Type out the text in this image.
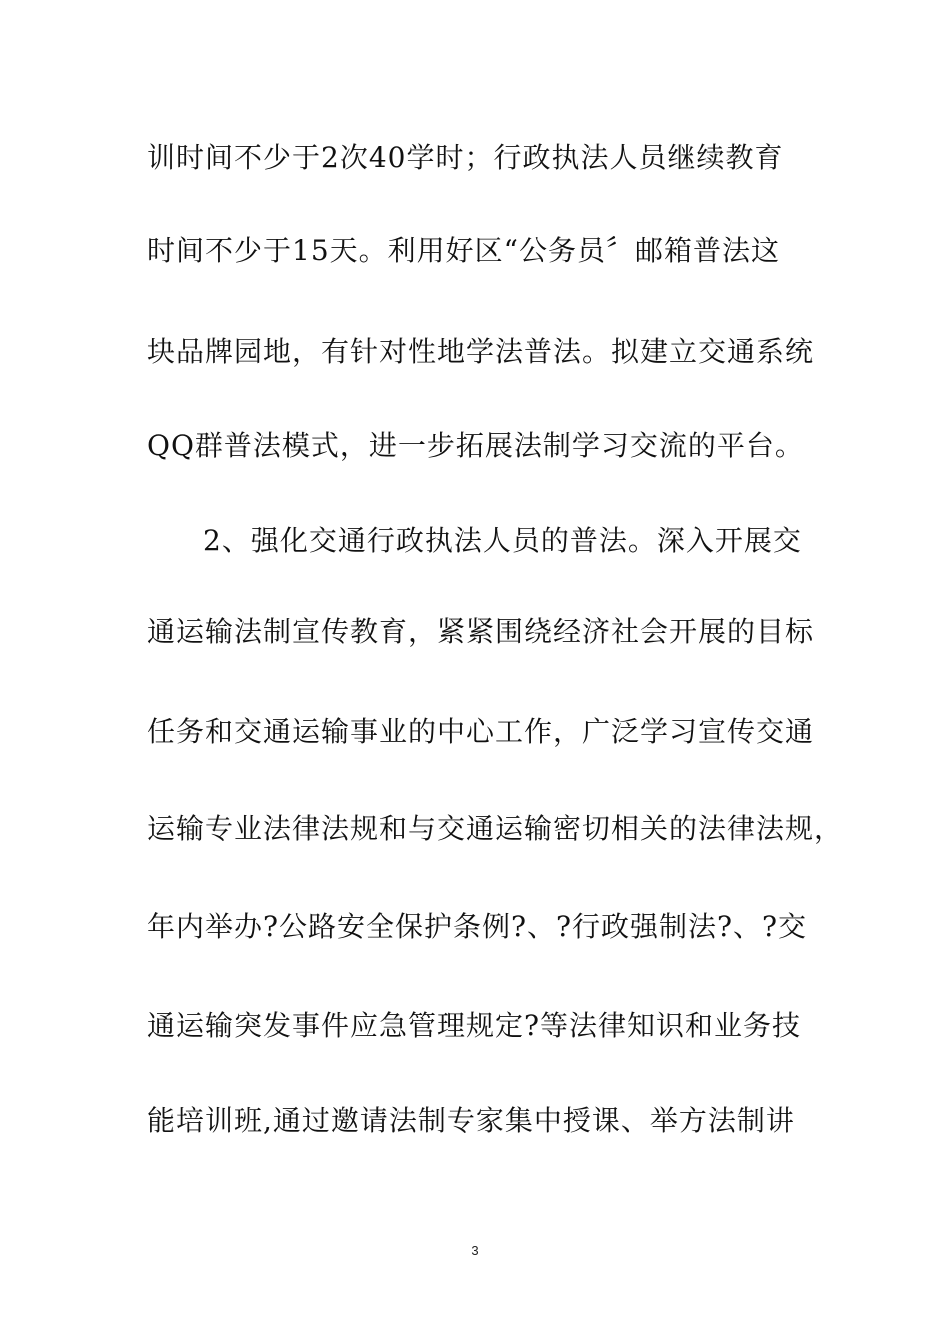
训时间不少于2次40学时；行政执法人员继续教育
时间不少于15天。利用好区“公务员〞邮箱普法这
块品牌园地，有针对性地学法普法。拟建立交通系统
QQ群普法模式，进一步拓展法制学习交流的平台。
2、强化交通行政执法人员的普法。深入开展交
通运输法制宣传教育，紧紧围绕经济社会开展的目标
任务和交通运输事业的中心工作，广泛学习宣传交通
运输专业法律法规和与交通运输密切相关的法律法规，
年内举办?公路安全保护条例?、?行政强制法?、?交
通运输突发事件应急管理规定?等法律知识和业务技
能培训班,通过邀请法制专家集中授课、举方法制讲
3
